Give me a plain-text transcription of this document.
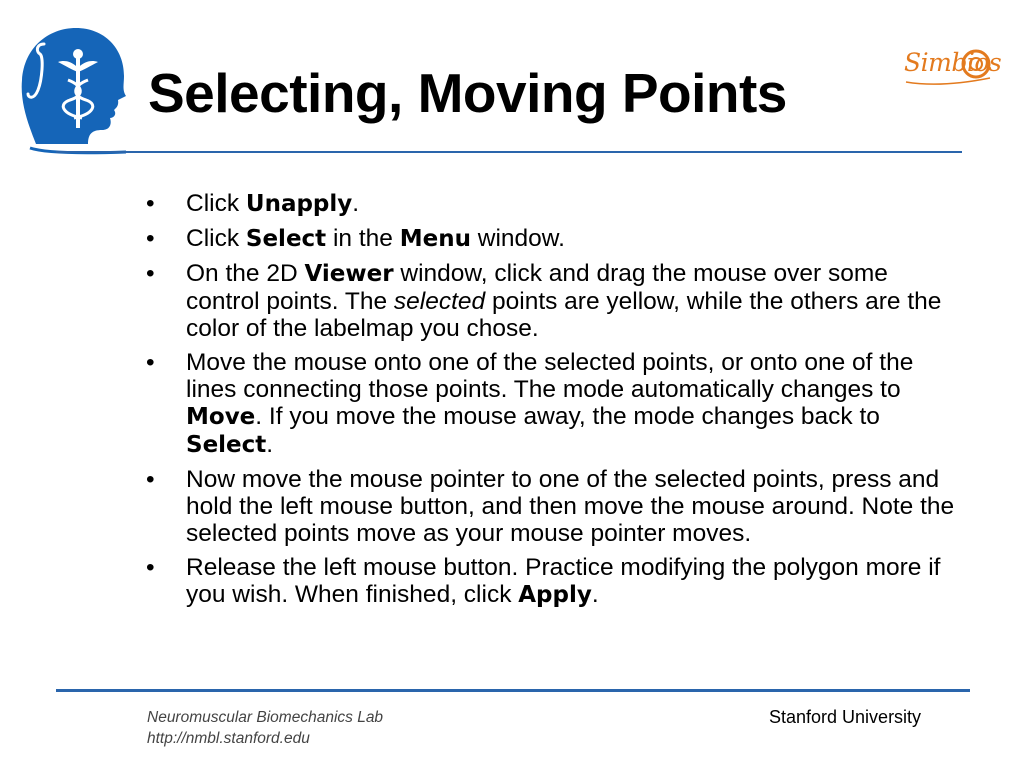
Selecting, Moving Points	Simbios
• Click Unapply.
• Click Select in the Menu window.
• On the 2D Viewer window, click and drag the mouse over some control points. The selected points are yellow, while the others are the color of the labelmap you chose.
• Move the mouse onto one of the selected points, or onto one of the lines connecting those points. The mode automatically changes to Move. If you move the mouse away, the mode changes back to Select.
• Now move the mouse pointer to one of the selected points, press and hold the left mouse button, and then move the mouse around. Note the selected points move as your mouse pointer moves.
• Release the left mouse button. Practice modifying the polygon more if you wish. When finished, click Apply.
Neuromuscular Biomechanics Lab
http://nmbl.stanford.edu
Stanford University
